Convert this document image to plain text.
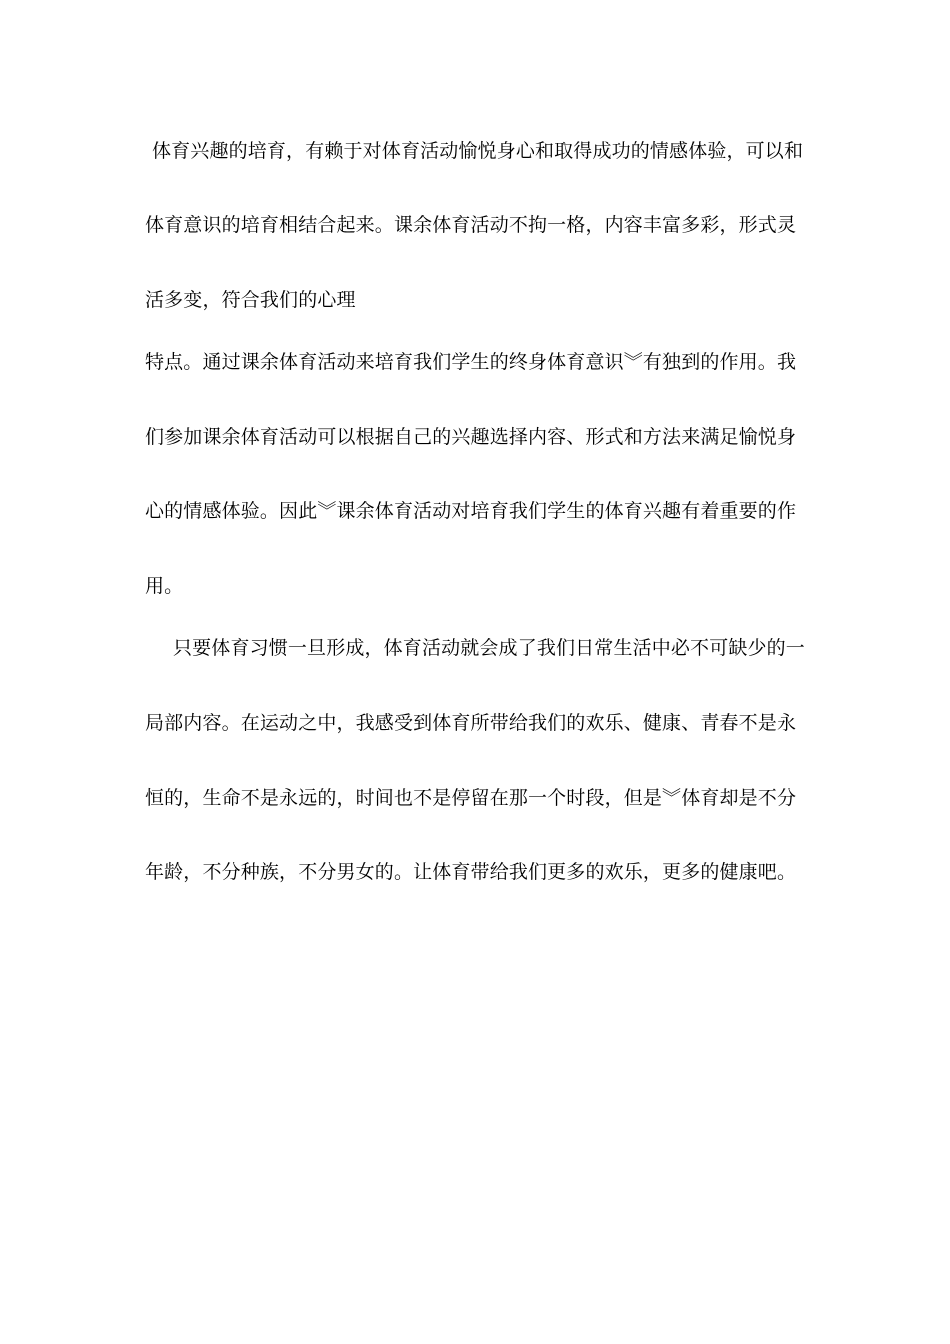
体育兴趣的培育，有赖于对体育活动愉悦身心和取得成功的情感体验，可以和
体育意识的培育相结合起来。课余体育活动不拘一格，内容丰富多彩，形式灵
活多变，符合我们的心理
特点。通过课余体育活动来培育我们学生的终身体育意识︾有独到的作用。我
们参加课余体育活动可以根据自己的兴趣选择内容、形式和方法来满足愉悦身
心的情感体验。因此︾课余体育活动对培育我们学生的体育兴趣有着重要的作
用。
只要体育习惯一旦形成，体育活动就会成了我们日常生活中必不可缺少的一
局部内容。在运动之中，我感受到体育所带给我们的欢乐、健康、青春不是永
恒的，生命不是永远的，时间也不是停留在那一个时段，但是︾体育却是不分
年龄，不分种族，不分男女的。让体育带给我们更多的欢乐，更多的健康吧。
